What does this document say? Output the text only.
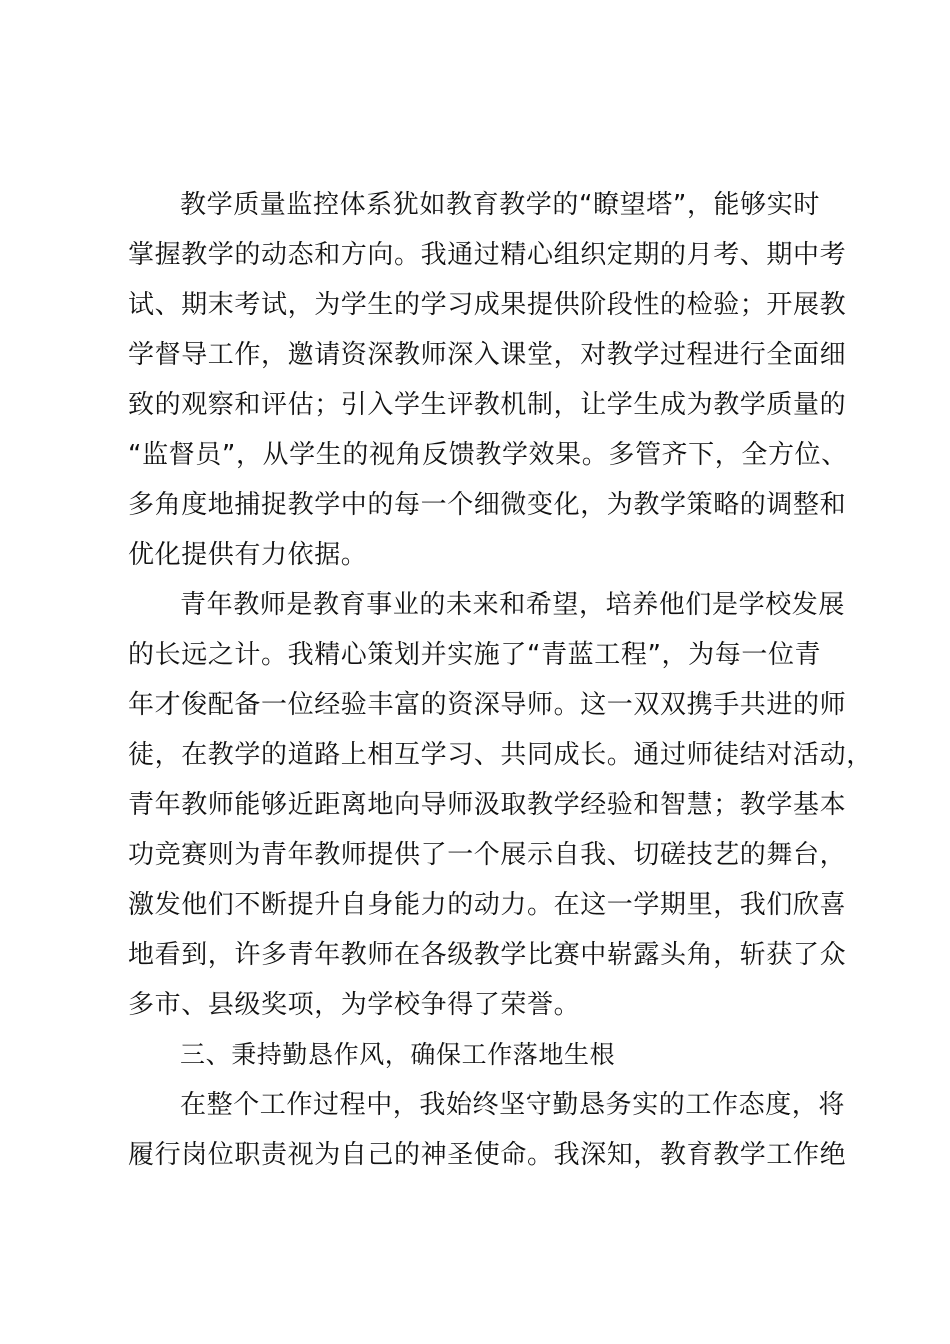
教学质量监控体系犹如教育教学的“瞭望塔”，能够实时
掌握教学的动态和方向。我通过精心组织定期的月考、期中考
试、期末考试，为学生的学习成果提供阶段性的检验；开展教
学督导工作，邀请资深教师深入课堂，对教学过程进行全面细
致的观察和评估；引入学生评教机制，让学生成为教学质量的
“监督员”，从学生的视角反馈教学效果。多管齐下，全方位、
多角度地捕捉教学中的每一个细微变化，为教学策略的调整和
优化提供有力依据。
青年教师是教育事业的未来和希望，培养他们是学校发展
的长远之计。我精心策划并实施了“青蓝工程”，为每一位青
年才俊配备一位经验丰富的资深导师。这一双双携手共进的师
徒，在教学的道路上相互学习、共同成长。通过师徒结对活动，
青年教师能够近距离地向导师汲取教学经验和智慧；教学基本
功竞赛则为青年教师提供了一个展示自我、切磋技艺的舞台，
激发他们不断提升自身能力的动力。在这一学期里，我们欣喜
地看到，许多青年教师在各级教学比赛中崭露头角，斩获了众
多市、县级奖项，为学校争得了荣誉。
三、秉持勤恳作风，确保工作落地生根
在整个工作过程中，我始终坚守勤恳务实的工作态度，将
履行岗位职责视为自己的神圣使命。我深知，教育教学工作绝
